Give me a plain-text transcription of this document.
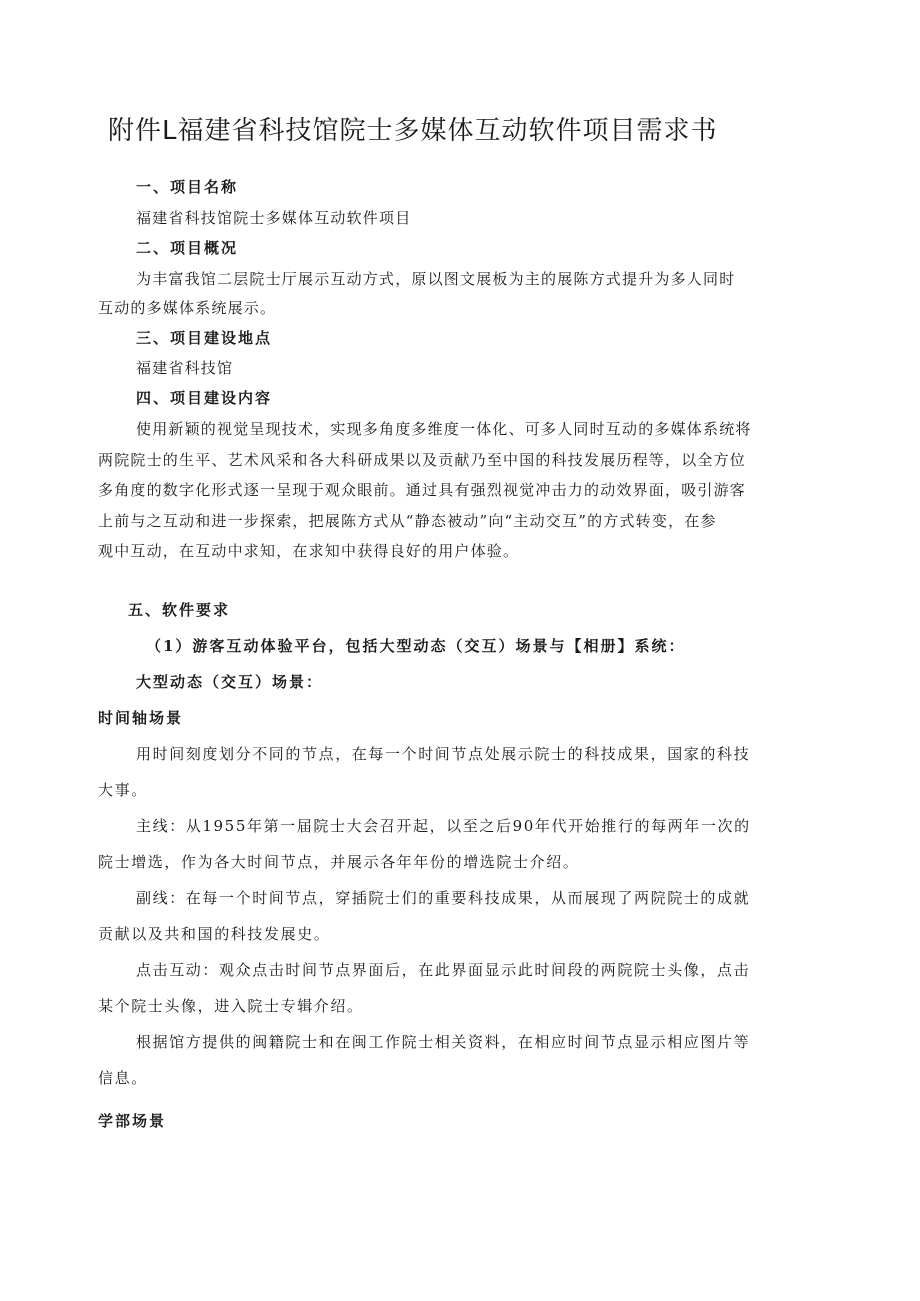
附件L福建省科技馆院士多媒体互动软件项目需求书
一、项目名称
福建省科技馆院士多媒体互动软件项目
二、项目概况
为丰富我馆二层院士厅展示互动方式，原以图文展板为主的展陈方式提升为多人同时
互动的多媒体系统展示。
三、项目建设地点
福建省科技馆
四、项目建设内容
使用新颖的视觉呈现技术，实现多角度多维度一体化、可多人同时互动的多媒体系统将
两院院士的生平、艺术风采和各大科研成果以及贡献乃至中国的科技发展历程等，以全方位
多角度的数字化形式逐一呈现于观众眼前。通过具有强烈视觉冲击力的动效界面，吸引游客
上前与之互动和进一步探索，把展陈方式从“静态被动”向“主动交互”的方式转变，在参
观中互动，在互动中求知，在求知中获得良好的用户体验。
五、软件要求
（1）游客互动体验平台，包括大型动态（交互）场景与【相册】系统：
大型动态（交互）场景：
时间轴场景
用时间刻度划分不同的节点，在每一个时间节点处展示院士的科技成果，国家的科技
大事。
主线：从1955年第一届院士大会召开起，以至之后90年代开始推行的每两年一次的
院士增选，作为各大时间节点，并展示各年年份的增选院士介绍。
副线：在每一个时间节点，穿插院士们的重要科技成果，从而展现了两院院士的成就
贡献以及共和国的科技发展史。
点击互动：观众点击时间节点界面后，在此界面显示此时间段的两院院士头像，点击
某个院士头像，进入院士专辑介绍。
根据馆方提供的闽籍院士和在闽工作院士相关资料，在相应时间节点显示相应图片等
信息。
学部场景
